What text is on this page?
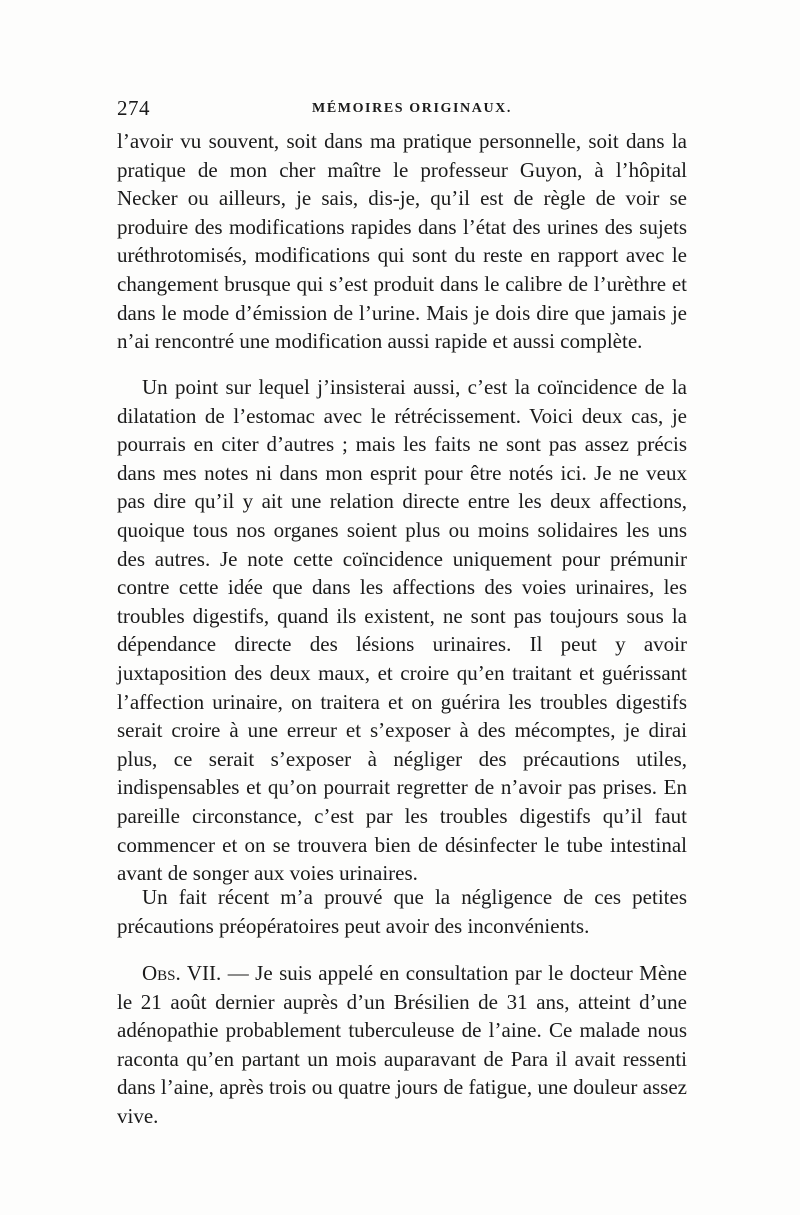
274	MÉMOIRES ORIGINAUX.

l’avoir vu souvent, soit dans ma pratique personnelle, soit dans la pratique de mon cher maître le professeur Guyon, à l’hôpital Necker ou ailleurs, je sais, dis-je, qu’il est de règle de voir se produire des modifications rapides dans l’état des urines des sujets uréthrotomisés, modifications qui sont du reste en rapport avec le changement brusque qui s’est produit dans le calibre de l’urèthre et dans le mode d’émission de l’urine. Mais je dois dire que jamais je n’ai rencontré une modification aussi rapide et aussi complète.

Un point sur lequel j’insisterai aussi, c’est la coïncidence de la dilatation de l’estomac avec le rétrécissement. Voici deux cas, je pourrais en citer d’autres ; mais les faits ne sont pas assez précis dans mes notes ni dans mon esprit pour être notés ici. Je ne veux pas dire qu’il y ait une relation directe entre les deux affections, quoique tous nos organes soient plus ou moins solidaires les uns des autres. Je note cette coïncidence uniquement pour prémunir contre cette idée que dans les affections des voies urinaires, les troubles digestifs, quand ils existent, ne sont pas toujours sous la dépendance directe des lésions urinaires. Il peut y avoir juxtaposition des deux maux, et croire qu’en traitant et guérissant l’affection urinaire, on traitera et on guérira les troubles digestifs serait croire à une erreur et s’exposer à des mécomptes, je dirai plus, ce serait s’exposer à négliger des précautions utiles, indispensables et qu’on pourrait regretter de n’avoir pas prises. En pareille circonstance, c’est par les troubles digestifs qu’il faut commencer et on se trouvera bien de désinfecter le tube intestinal avant de songer aux voies urinaires.

Un fait récent m’a prouvé que la négligence de ces petites précautions préopératoires peut avoir des inconvénients.

Obs. VII. — Je suis appelé en consultation par le docteur Mène le 21 août dernier auprès d’un Brésilien de 31 ans, atteint d’une adénopathie probablement tuberculeuse de l’aine. Ce malade nous raconta qu’en partant un mois auparavant de Para il avait ressenti dans l’aine, après trois ou quatre jours de fatigue, une douleur assez vive.
